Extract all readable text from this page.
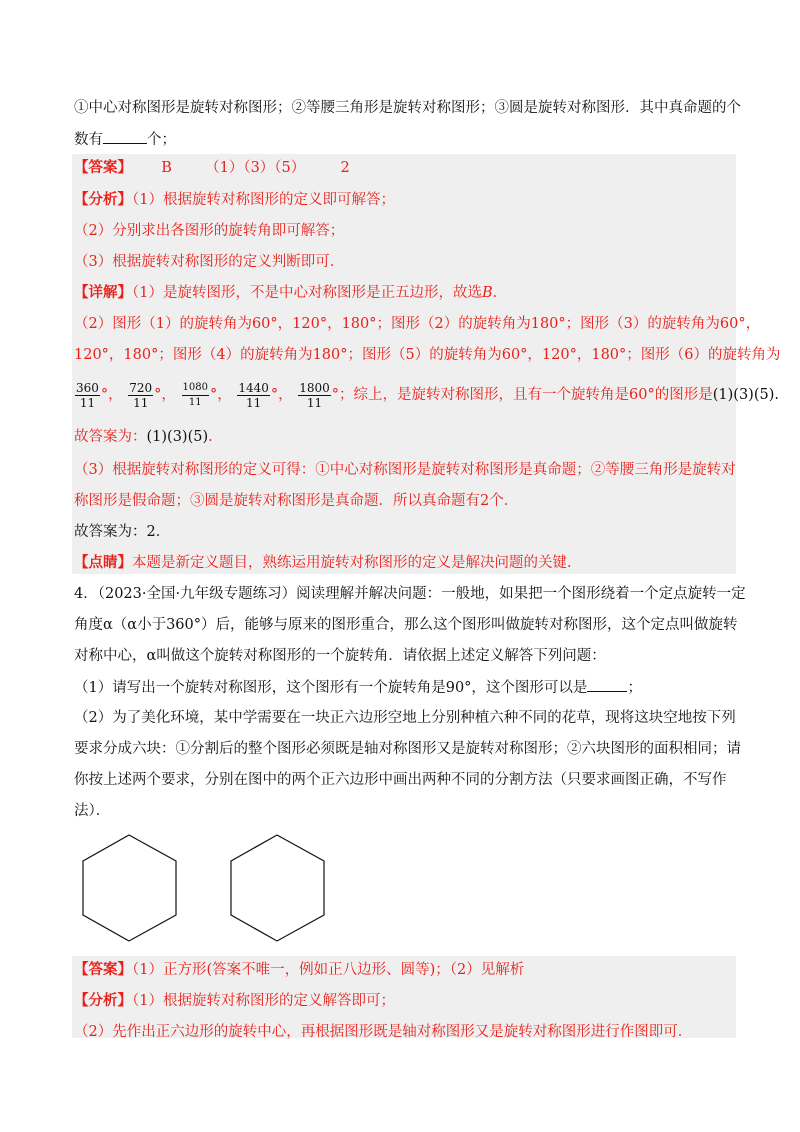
①中心对称图形是旋转对称图形；②等腰三角形是旋转对称图形；③圆是旋转对称图形．其中真命题的个
数有	个；
【答案】 B （1）（3）（5） 2
【分析】（1）根据旋转对称图形的定义即可解答；
（2）分别求出各图形的旋转角即可解答；
（3）根据旋转对称图形的定义判断即可．
【详解】（1）是旋转图形，不是中心对称图形是正五边形，故选B．
（2）图形（1）的旋转角为60°，120°，180°；图形（2）的旋转角为180°；图形（3）的旋转角为60°，
120°，180°；图形（4）的旋转角为180°；图形（5）的旋转角为60°，120°，180°；图形（6）的旋转角为
$\frac{360}{11}$ °， $\frac{720}{11}$ °， $\frac{1080}{11}$ °， $\frac{1440}{11}$ °， $\frac{1800}{11}$ °；综上，是旋转对称图形，且有一个旋转角是60°的图形是(1)(3)(5).
故答案为：(1)(3)(5).
（3）根据旋转对称图形的定义可得：①中心对称图形是旋转对称图形是真命题；②等腰三角形是旋转对
称图形是假命题；③圆是旋转对称图形是真命题．所以真命题有2个．
故答案为：2．
【点睛】本题是新定义题目，熟练运用旋转对称图形的定义是解决问题的关键．
4．（2023·全国·九年级专题练习）阅读理解并解决问题：一般地，如果把一个图形绕着一个定点旋转一定
角度α（α小于360°）后，能够与原来的图形重合，那么这个图形叫做旋转对称图形，这个定点叫做旋转
对称中心，α叫做这个旋转对称图形的一个旋转角．请依据上述定义解答下列问题：
（1）请写出一个旋转对称图形，这个图形有一个旋转角是90°，这个图形可以是	；
（2）为了美化环境，某中学需要在一块正六边形空地上分别种植六种不同的花草，现将这块空地按下列
要求分成六块：①分割后的整个图形必须既是轴对称图形又是旋转对称图形；②六块图形的面积相同；请
你按上述两个要求，分别在图中的两个正六边形中画出两种不同的分割方法（只要求画图正确，不写作
法）．
【答案】（1）正方形(答案不唯一，例如正八边形、圆等)；（2）见解析
【分析】（1）根据旋转对称图形的定义解答即可；
（2）先作出正六边形的旋转中心，再根据图形既是轴对称图形又是旋转对称图形进行作图即可．
